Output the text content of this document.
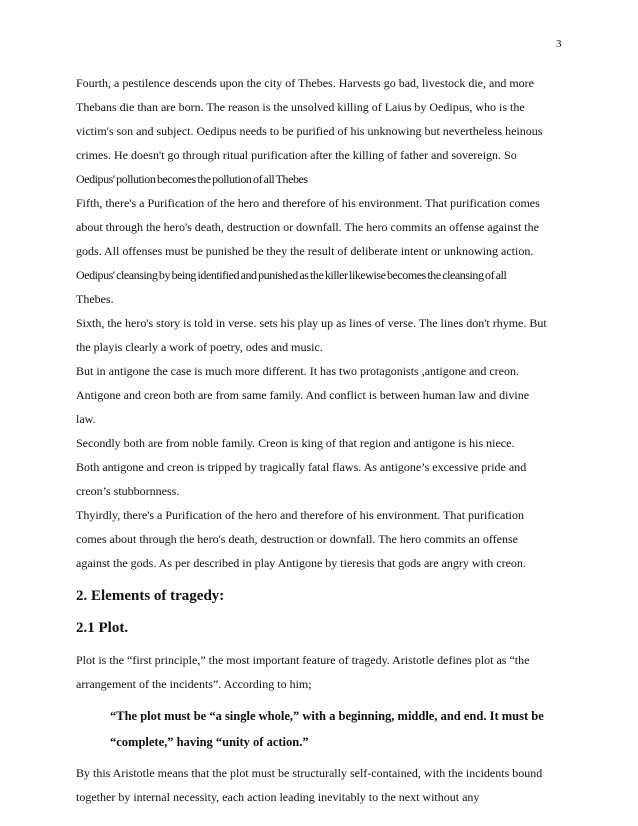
3

Fourth, a pestilence descends upon the city of Thebes. Harvests go bad, livestock die, and more

Thebans die than are born. The reason is the unsolved killing of Laius by Oedipus, who is the

victim's son and subject. Oedipus needs to be purified of his unknowing but nevertheless heinous

crimes. He doesn't go through ritual purification after the killing of father and sovereign. So

Oedipus' pollution becomes the pollution of all Thebes

Fifth, there's a Purification of the hero and therefore of his environment. That purification comes

about through the hero's death, destruction or downfall. The hero commits an offense against the

gods. All offenses must be punished be they the result of deliberate intent or unknowing action.

Oedipus' cleansing by being identified and punished as the killer likewise becomes the cleansing of all

Thebes.

Sixth, the hero's story is told in verse. sets his play up as lines of verse. The lines don't rhyme. But

the playis clearly a work of poetry, odes and music.

But in antigone the case is much more different. It has two protagonists ,antigone and creon.

Antigone and creon both are from same family. And conflict is between human law and divine

law.

Secondly both are from noble family. Creon is king of that region and antigone is his niece.

Both antigone and creon is tripped by tragically fatal flaws. As antigone’s excessive pride and

creon’s stubbornness.

Thyirdly, there's a Purification of the hero and therefore of his environment. That purification

comes about through the hero's death, destruction or downfall. The hero commits an offense

against the gods. As per described in play Antigone by tieresis that gods are angry with creon.

2. Elements of tragedy:
2.1 Plot.

Plot is the “first principle,” the most important feature of tragedy. Aristotle defines plot as “the

arrangement of the incidents”. According to him;

“The plot must be “a single whole,” with a beginning, middle, and end. It must be

“complete,” having “unity of action.”

By this Aristotle means that the plot must be structurally self-contained, with the incidents bound

together by internal necessity, each action leading inevitably to the next without any
